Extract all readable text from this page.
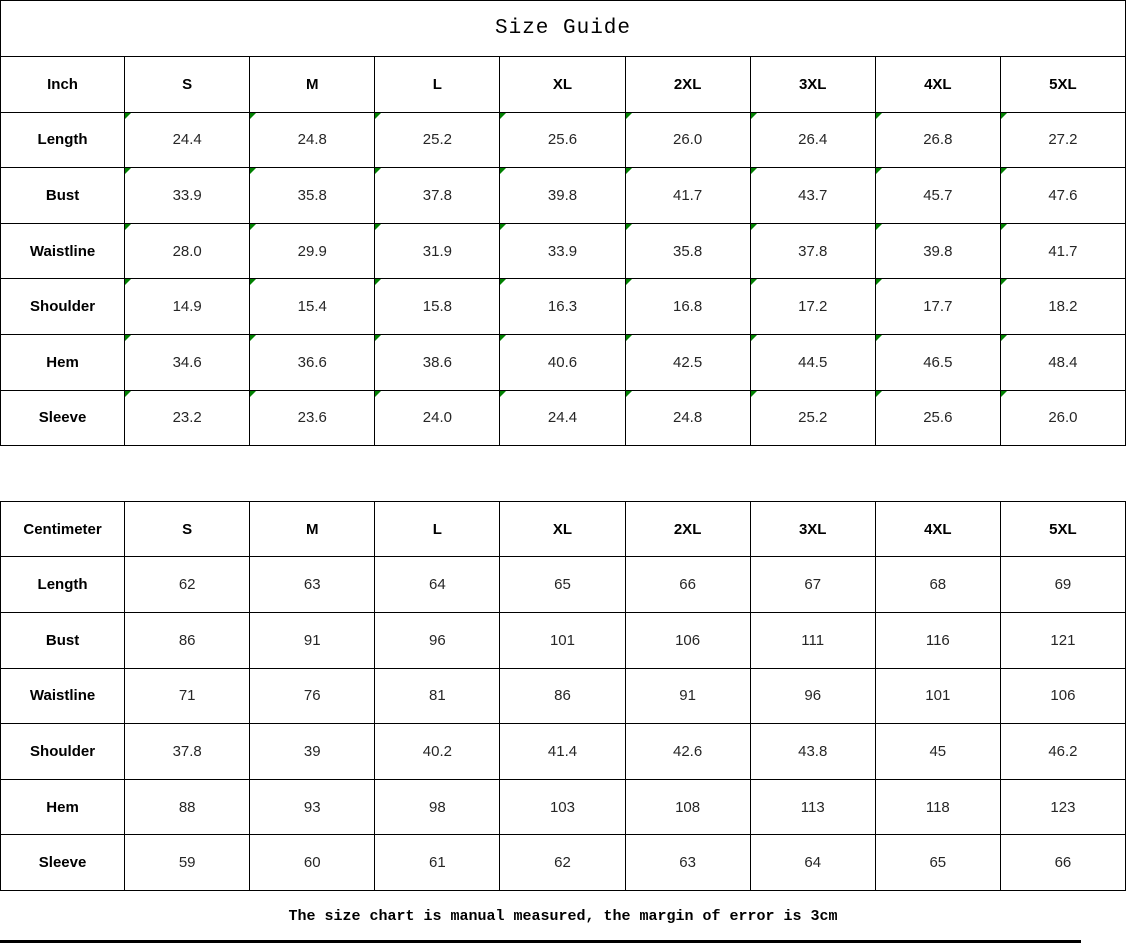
Size Guide
Inch	S	M	L	XL	2XL	3XL	4XL	5XL
Length	24.4	24.8	25.2	25.6	26.0	26.4	26.8	27.2
Bust	33.9	35.8	37.8	39.8	41.7	43.7	45.7	47.6
Waistline	28.0	29.9	31.9	33.9	35.8	37.8	39.8	41.7
Shoulder	14.9	15.4	15.8	16.3	16.8	17.2	17.7	18.2
Hem	34.6	36.6	38.6	40.6	42.5	44.5	46.5	48.4
Sleeve	23.2	23.6	24.0	24.4	24.8	25.2	25.6	26.0
Centimeter	S	M	L	XL	2XL	3XL	4XL	5XL
Length	62	63	64	65	66	67	68	69
Bust	86	91	96	101	106	111	116	121
Waistline	71	76	81	86	91	96	101	106
Shoulder	37.8	39	40.2	41.4	42.6	43.8	45	46.2
Hem	88	93	98	103	108	113	118	123
Sleeve	59	60	61	62	63	64	65	66
The size chart is manual measured, the margin of error is 3cm
